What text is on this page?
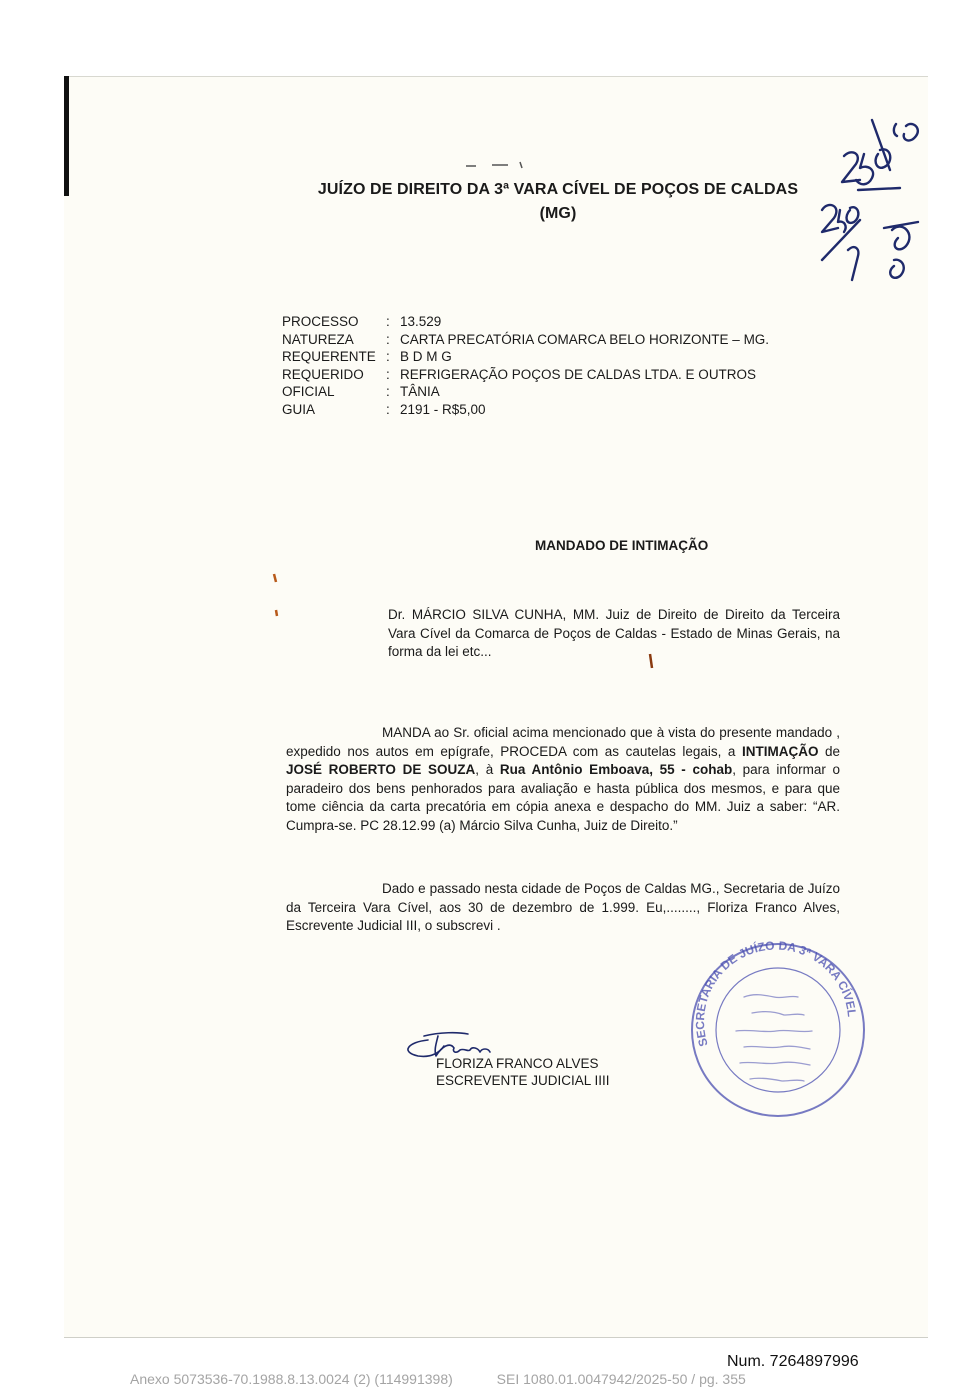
JUÍZO DE DIREITO DA 3ª VARA CÍVEL DE POÇOS DE CALDAS
(MG)
PROCESSO	: 13.529
NATUREZA	: CARTA PRECATÓRIA COMARCA BELO HORIZONTE – MG.
REQUERENTE : B D M G
REQUERIDO	: REFRIGERAÇÃO POÇOS DE CALDAS LTDA. E OUTROS
OFICIAL	: TÂNIA
GUIA	: 2191 - R$5,00
MANDADO DE INTIMAÇÃO
Dr. MÁRCIO SILVA CUNHA, MM. Juiz de Direito de Direito da Terceira Vara Cível da Comarca de Poços de Caldas - Estado de Minas Gerais, na forma da lei etc...
MANDA ao Sr. oficial acima mencionado que à vista do presente mandado , expedido nos autos em epígrafe, PROCEDA com as cautelas legais, a INTIMAÇÃO de JOSÉ ROBERTO DE SOUZA, à Rua Antônio Emboava, 55 - cohab, para informar o paradeiro dos bens penhorados para avaliação e hasta pública dos mesmos, e para que tome ciência da carta precatória em cópia anexa e despacho do MM. Juiz a saber: “AR. Cumpra-se. PC 28.12.99 (a) Márcio Silva Cunha, Juiz de Direito.”
Dado e passado nesta cidade de Poços de Caldas MG., Secretaria de Juízo da Terceira Vara Cível, aos 30 de dezembro de 1.999. Eu,........, Floriza Franco Alves, Escrevente Judicial III, o subscrevi .
FLORIZA FRANCO ALVES
ESCREVENTE JUDICIAL IIII
SECRETARIA DE JUÍZO DA 3ª VARA CÍVEL
Num. 7264897996
Anexo 5073536-70.1988.8.13.0024 (2) (114991398)	SEI 1080.01.0047942/2025-50 / pg. 355
